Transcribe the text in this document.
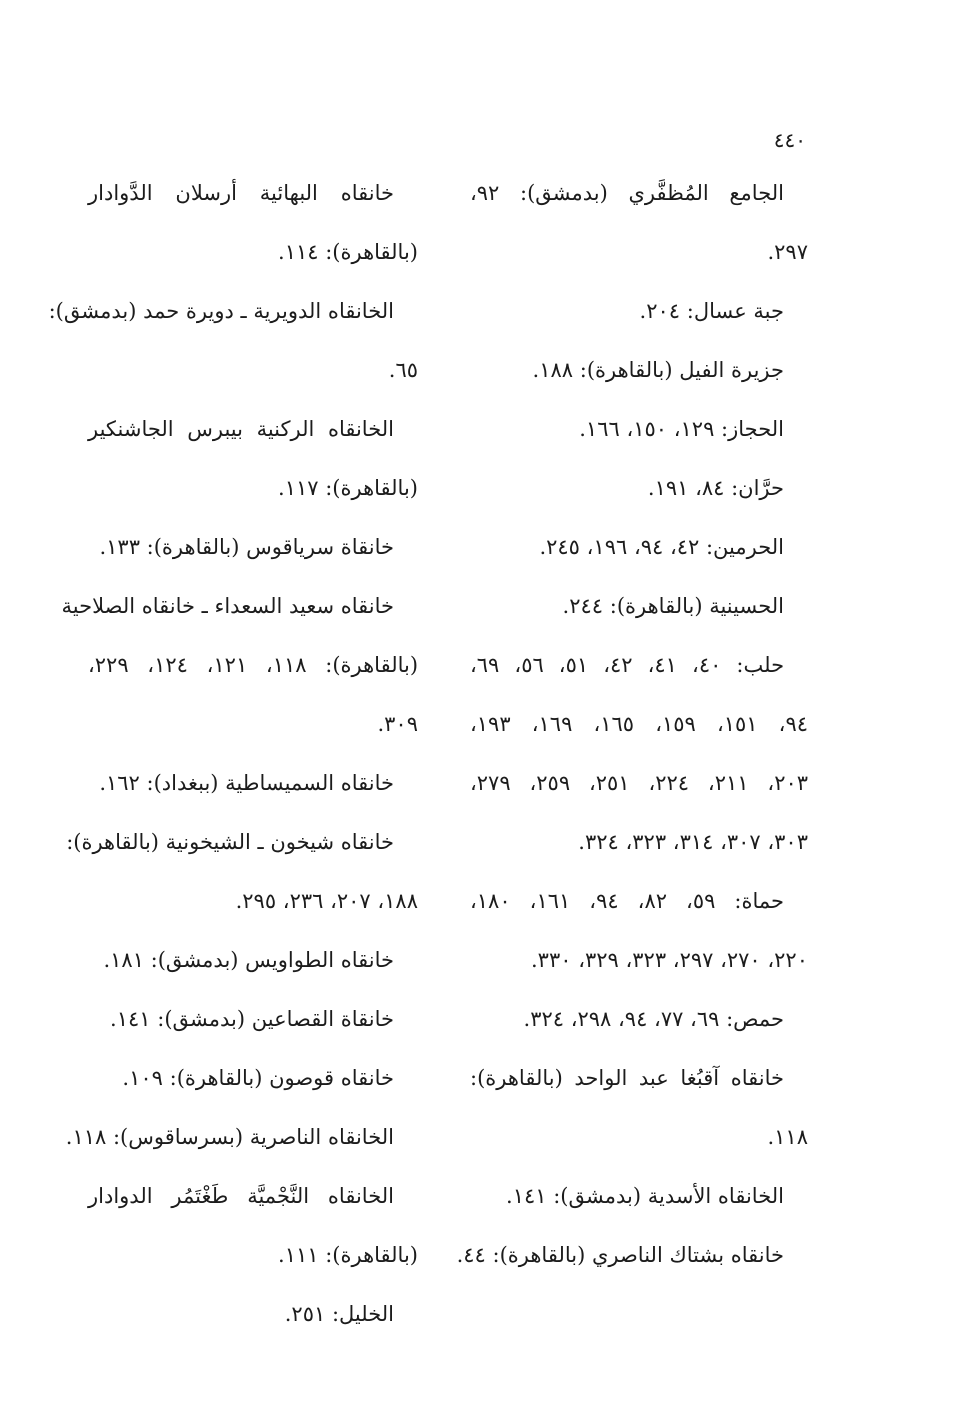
٤٤٠
الجامع المُظفَّري (بدمشق): ٩٢،
٢٩٧.
جبة عسال: ٢٠٤.
جزيرة الفيل (بالقاهرة): ١٨٨.
الحجاز: ١٢٩، ١٥٠، ١٦٦.
حرَّان: ٨٤، ١٩١.
الحرمين: ٤٢، ٩٤، ١٩٦، ٢٤٥.
الحسينية (بالقاهرة): ٢٤٤.
حلب: ٤٠، ٤١، ٤٢، ٥١، ٥٦، ٦٩،
٩٤، ١٥١، ١٥٩، ١٦٥، ١٦٩، ١٩٣،
٢٠٣، ٢١١، ٢٢٤، ٢٥١، ٢٥٩، ٢٧٩،
٣٠٣، ٣٠٧، ٣١٤، ٣٢٣، ٣٢٤.
حماة: ٥٩، ٨٢، ٩٤، ١٦١، ١٨٠،
٢٢٠، ٢٧٠، ٢٩٧، ٣٢٣، ٣٢٩، ٣٣٠.
حمص: ٦٩، ٧٧، ٩٤، ٢٩٨، ٣٢٤.
خانقاه آقبُغا عبد الواحد (بالقاهرة):
١١٨.
الخانقاه الأسدية (بدمشق): ١٤١.
خانقاه بشتاك الناصري (بالقاهرة): ٤٤.
خانقاه البهائية أرسلان الدَّوادار
(بالقاهرة): ١١٤.
الخانقاه الدويرية ـ دويرة حمد (بدمشق):
٦٥.
الخانقاه الركنية بيبرس الجاشنكير
(بالقاهرة): ١١٧.
خانقاة سرياقوس (بالقاهرة): ١٣٣.
خانقاه سعيد السعداء ـ خانقاه الصلاحية
(بالقاهرة): ١١٨، ١٢١، ١٢٤، ٢٢٩،
٣٠٩.
خانقاه السميساطية (ببغداد): ١٦٢.
خانقاه شيخون ـ الشيخونية (بالقاهرة):
١٨٨، ٢٠٧، ٢٣٦، ٢٩٥.
خانقاه الطواويس (بدمشق): ١٨١.
خانقاة القصاعين (بدمشق): ١٤١.
خانقاه قوصون (بالقاهرة): ١٠٩.
الخانقاه الناصرية (بسرساقوس): ١١٨.
الخانقاه النَّجْميَّة طَغْتَمُر الدوادار
(بالقاهرة): ١١١.
الخليل: ٢٥١.
